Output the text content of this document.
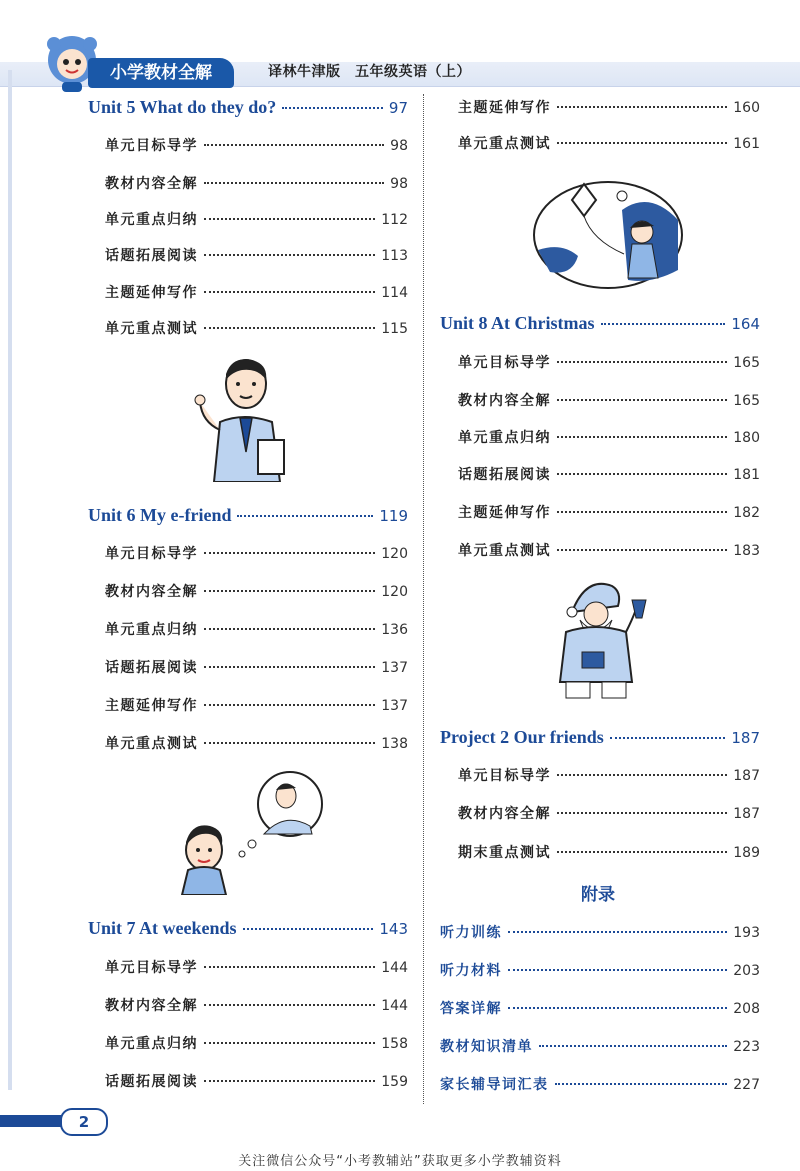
小学教材全解	译林牛津版　五年级英语（上）
Unit 5 What do they do?	97
单元目标导学	98
教材内容全解	98
单元重点归纳	112
话题拓展阅读	113
主题延伸写作	114
单元重点测试	115
Unit 6 My e-friend	119
单元目标导学	120
教材内容全解	120
单元重点归纳	136
话题拓展阅读	137
主题延伸写作	137
单元重点测试	138
Unit 7 At weekends	143
单元目标导学	144
教材内容全解	144
单元重点归纳	158
话题拓展阅读	159
主题延伸写作	160
单元重点测试	161
Unit 8 At Christmas	164
单元目标导学	165
教材内容全解	165
单元重点归纳	180
话题拓展阅读	181
主题延伸写作	182
单元重点测试	183
Project 2 Our friends	187
单元目标导学	187
教材内容全解	187
期末重点测试	189
附录
听力训练	193
听力材料	203
答案详解	208
教材知识清单	223
家长辅导词汇表	227
2
关注微信公众号“小考教辅站”获取更多小学教辅资料
